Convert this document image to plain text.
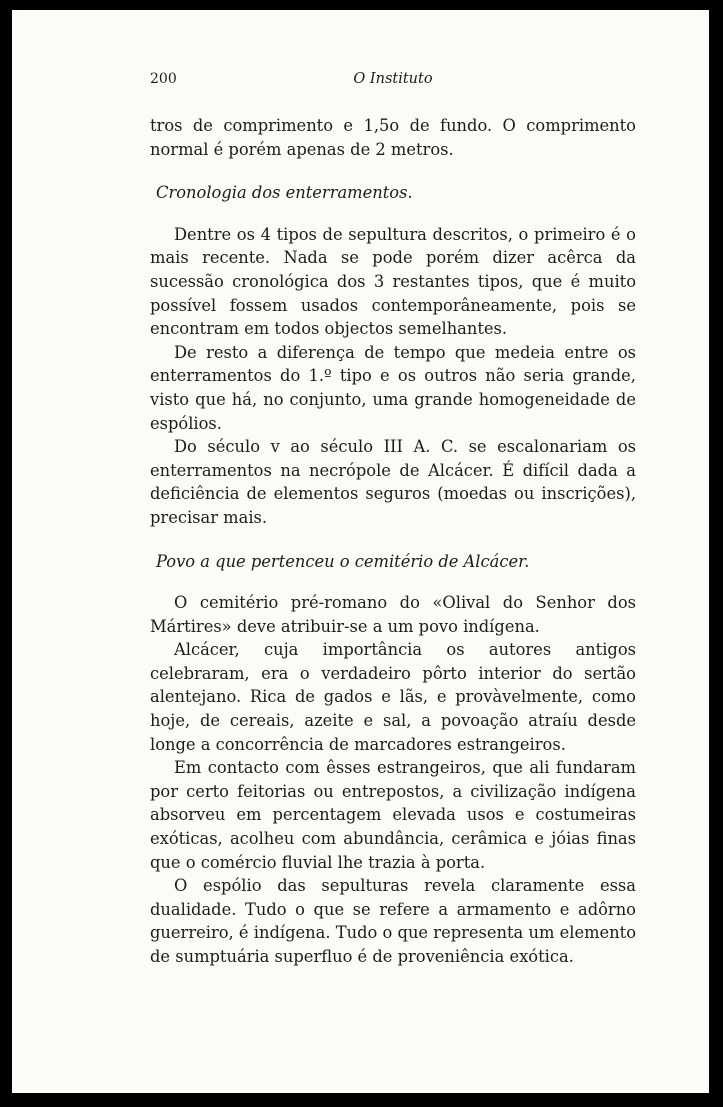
200	O Instituto

tros de comprimento e 1,5o de fundo. O comprimento normal é porém apenas de 2 metros.

Cronologia dos enterramentos.

Dentre os 4 tipos de sepultura descritos, o primeiro é o mais recente. Nada se pode porém dizer acêrca da sucessão cronológica dos 3 restantes tipos, que é muito possível fossem usados contemporâneamente, pois se encontram em todos objectos semelhantes.

De resto a diferença de tempo que medeia entre os enterramentos do 1.º tipo e os outros não seria grande, visto que há, no conjunto, uma grande homogeneidade de espólios.

Do século v ao século III A. C. se escalonariam os enterramentos na necrópole de Alcácer. É difícil dada a deficiência de elementos seguros (moedas ou inscrições), precisar mais.

Povo a que pertenceu o cemitério de Alcácer.

O cemitério pré-romano do «Olival do Senhor dos Mártires» deve atribuir-se a um povo indígena.

Alcácer, cuja importância os autores antigos celebraram, era o verdadeiro pôrto interior do sertão alentejano. Rica de gados e lãs, e provàvelmente, como hoje, de cereais, azeite e sal, a povoação atraíu desde longe a concorrência de marcadores estrangeiros.

Em contacto com êsses estrangeiros, que ali fundaram por certo feitorias ou entrepostos, a civilização indígena absorveu em percentagem elevada usos e costumeiras exóticas, acolheu com abundância, cerâmica e jóias finas que o comércio fluvial lhe trazia à porta.

O espólio das sepulturas revela claramente essa dualidade. Tudo o que se refere a armamento e adôrno guerreiro, é indígena. Tudo o que representa um elemento de sumptuária superfluo é de proveniência exótica.
